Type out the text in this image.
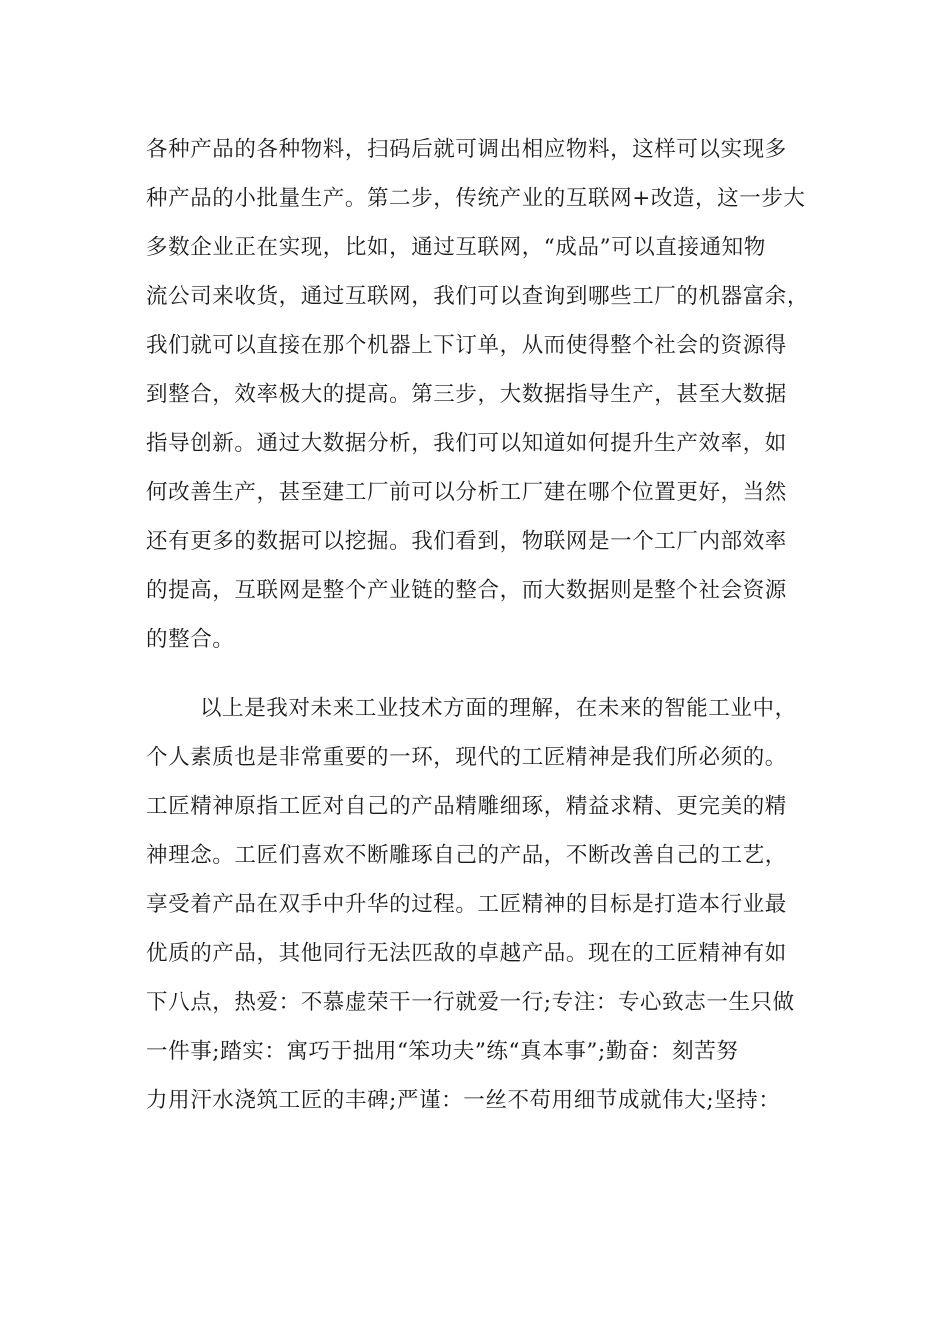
各种产品的各种物料，扫码后就可调出相应物料，这样可以实现多
种产品的小批量生产。第二步，传统产业的互联网+改造，这一步大
多数企业正在实现，比如，通过互联网，“成品”可以直接通知物
流公司来收货，通过互联网，我们可以查询到哪些工厂的机器富余，
我们就可以直接在那个机器上下订单，从而使得整个社会的资源得
到整合，效率极大的提高。第三步，大数据指导生产，甚至大数据
指导创新。通过大数据分析，我们可以知道如何提升生产效率，如
何改善生产，甚至建工厂前可以分析工厂建在哪个位置更好，当然
还有更多的数据可以挖掘。我们看到，物联网是一个工厂内部效率
的提高，互联网是整个产业链的整合，而大数据则是整个社会资源
的整合。
以上是我对未来工业技术方面的理解，在未来的智能工业中，
个人素质也是非常重要的一环，现代的工匠精神是我们所必须的。
工匠精神原指工匠对自己的产品精雕细琢，精益求精、更完美的精
神理念。工匠们喜欢不断雕琢自己的产品，不断改善自己的工艺，
享受着产品在双手中升华的过程。工匠精神的目标是打造本行业最
优质的产品，其他同行无法匹敌的卓越产品。现在的工匠精神有如
下八点，热爱：不慕虚荣干一行就爱一行;专注：专心致志一生只做
一件事;踏实：寓巧于拙用“笨功夫”练“真本事”;勤奋：刻苦努
力用汗水浇筑工匠的丰碑;严谨：一丝不苟用细节成就伟大;坚持：
